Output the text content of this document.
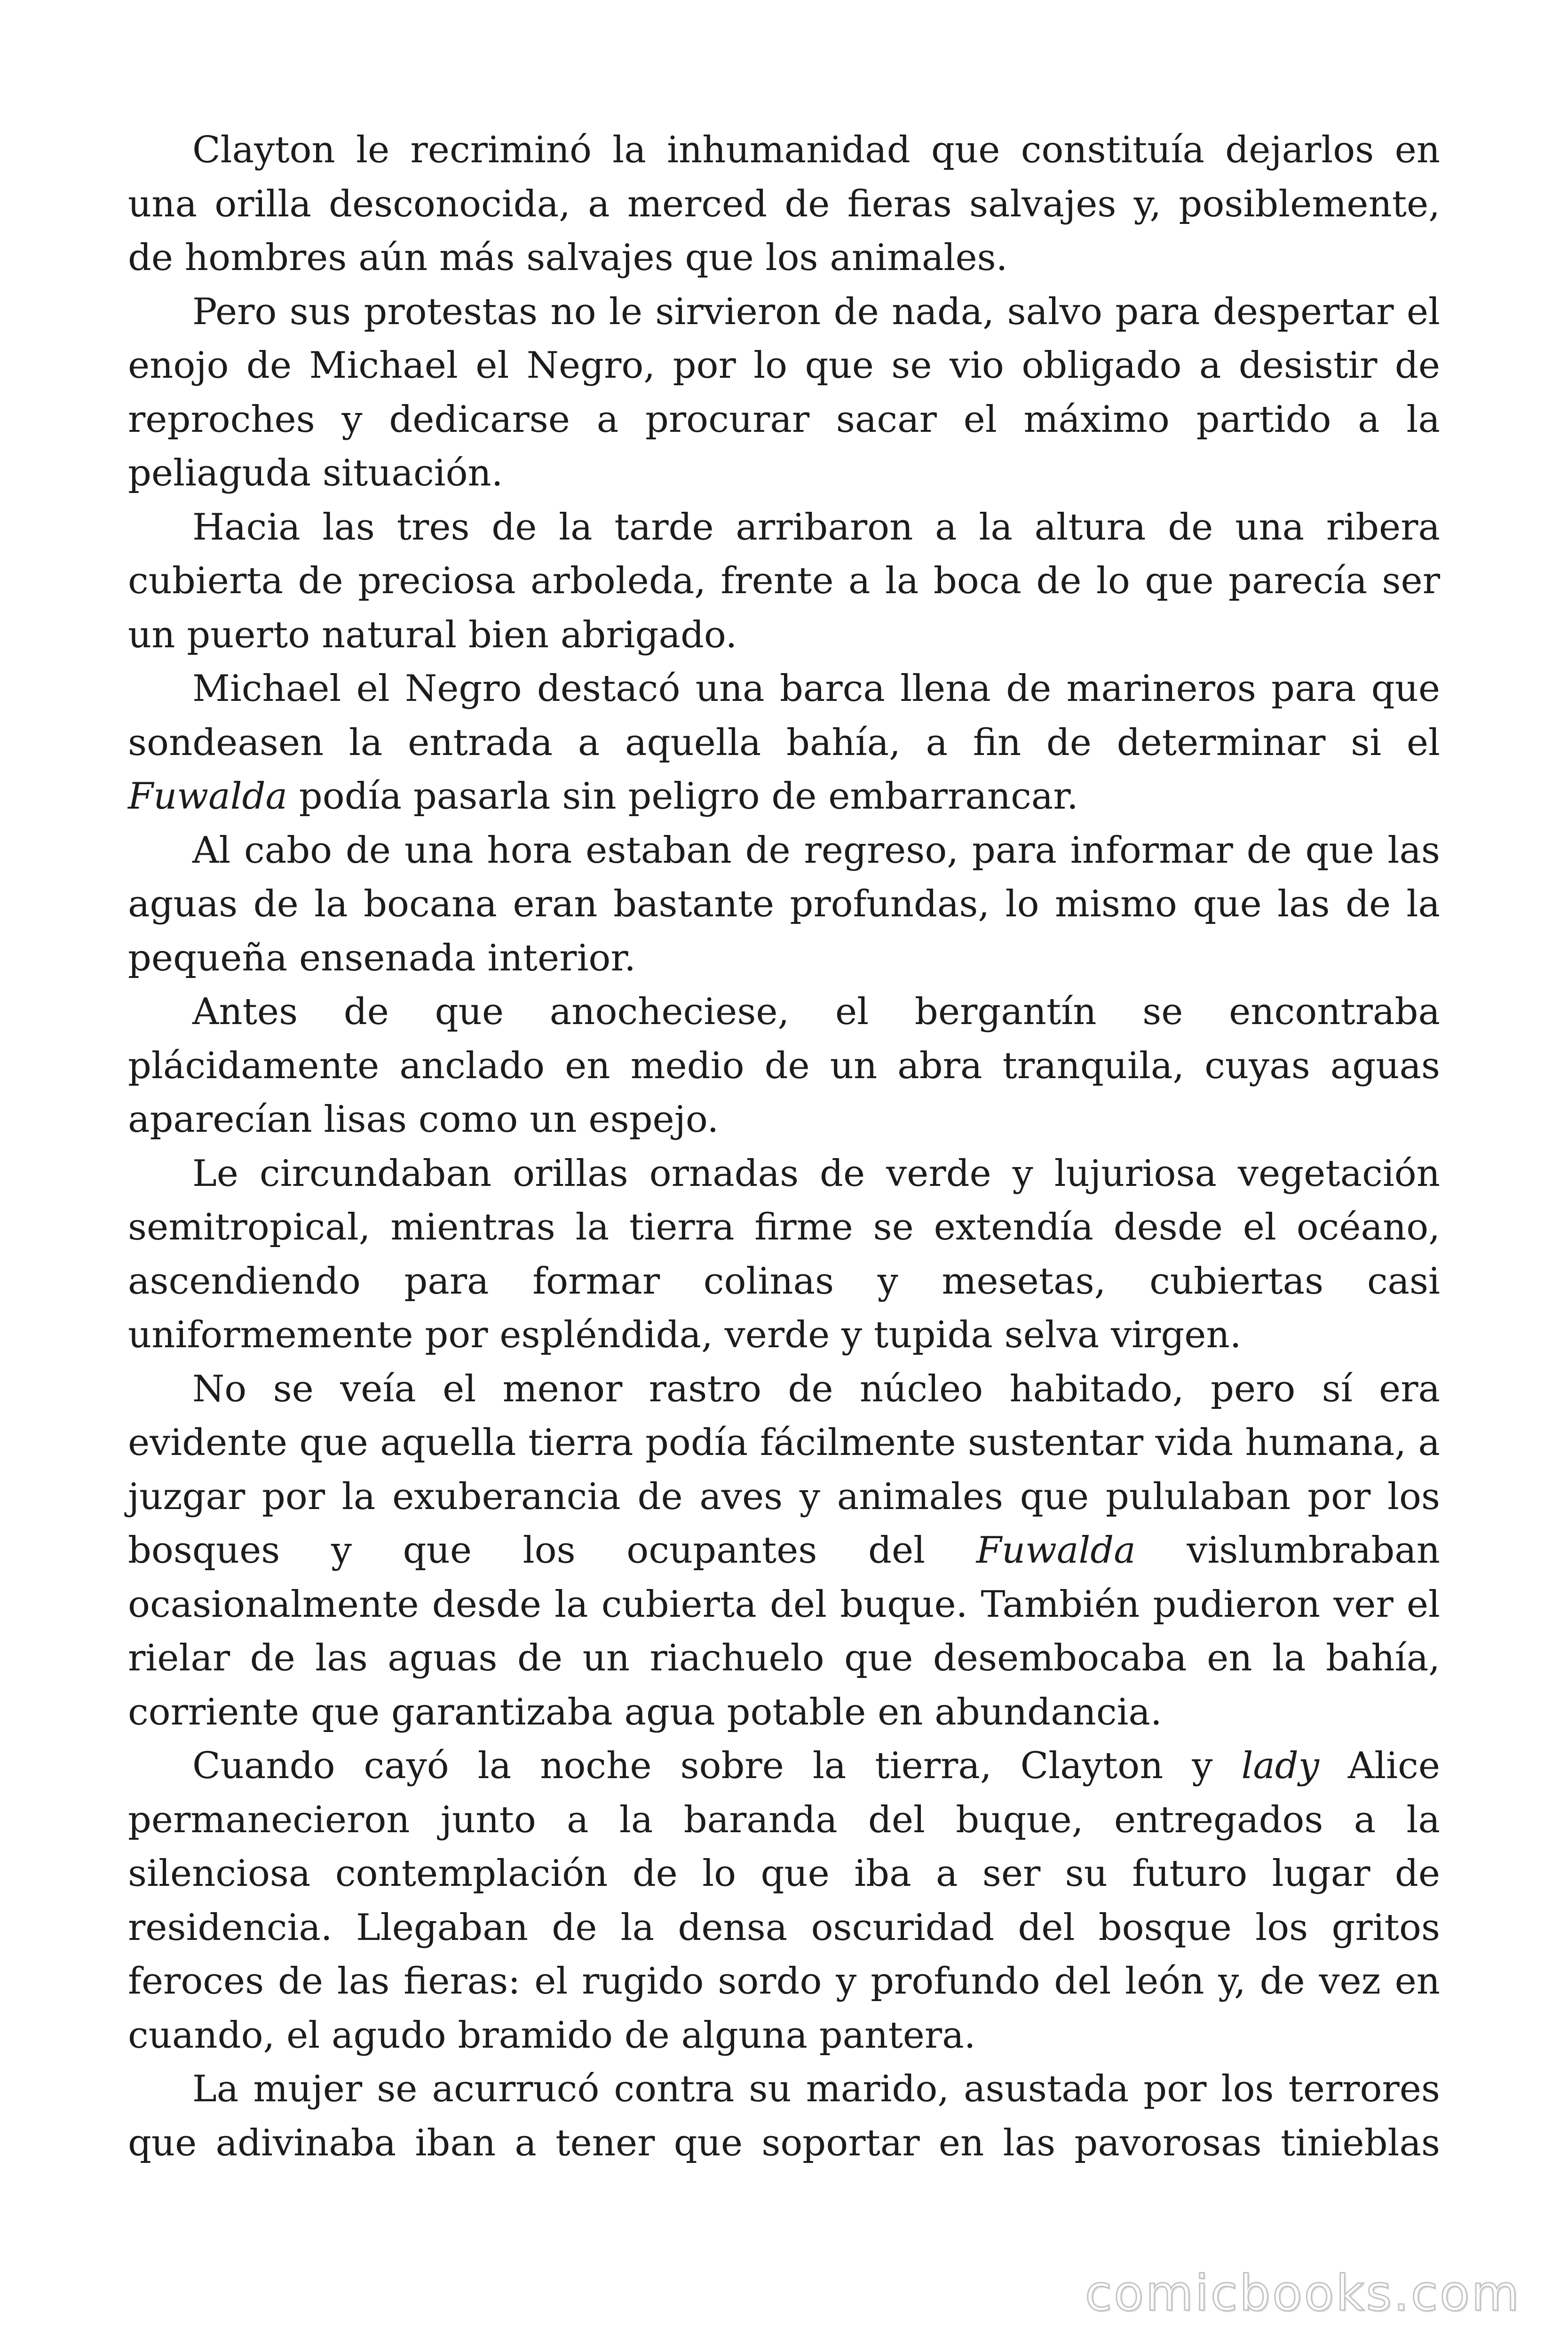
Clayton le recriminó la inhumanidad que constituía dejarlos en una orilla desconocida, a merced de fieras salvajes y, posiblemente, de hombres aún más salvajes que los animales.

Pero sus protestas no le sirvieron de nada, salvo para despertar el enojo de Michael el Negro, por lo que se vio obligado a desistir de reproches y dedicarse a procurar sacar el máximo partido a la peliaguda situación.

Hacia las tres de la tarde arribaron a la altura de una ribera cubierta de preciosa arboleda, frente a la boca de lo que parecía ser un puerto natural bien abrigado.

Michael el Negro destacó una barca llena de marineros para que sondeasen la entrada a aquella bahía, a fin de determinar si el Fuwalda podía pasarla sin peligro de embarrancar.

Al cabo de una hora estaban de regreso, para informar de que las aguas de la bocana eran bastante profundas, lo mismo que las de la pequeña ensenada interior.

Antes de que anocheciese, el bergantín se encontraba plácidamente anclado en medio de un abra tranquila, cuyas aguas aparecían lisas como un espejo.

Le circundaban orillas ornadas de verde y lujuriosa vegetación semitropical, mientras la tierra firme se extendía desde el océano, ascendiendo para formar colinas y mesetas, cubiertas casi uniformemente por espléndida, verde y tupida selva virgen.

No se veía el menor rastro de núcleo habitado, pero sí era evidente que aquella tierra podía fácilmente sustentar vida humana, a juzgar por la exuberancia de aves y animales que pululaban por los bosques y que los ocupantes del Fuwalda vislumbraban ocasionalmente desde la cubierta del buque. También pudieron ver el rielar de las aguas de un riachuelo que desembocaba en la bahía, corriente que garantizaba agua potable en abundancia.

Cuando cayó la noche sobre la tierra, Clayton y lady Alice permanecieron junto a la baranda del buque, entregados a la silenciosa contemplación de lo que iba a ser su futuro lugar de residencia. Llegaban de la densa oscuridad del bosque los gritos feroces de las fieras: el rugido sordo y profundo del león y, de vez en cuando, el agudo bramido de alguna pantera.

La mujer se acurrucó contra su marido, asustada por los terrores que adivinaba iban a tener que soportar en las pavorosas tinieblas

comicbooks.com
